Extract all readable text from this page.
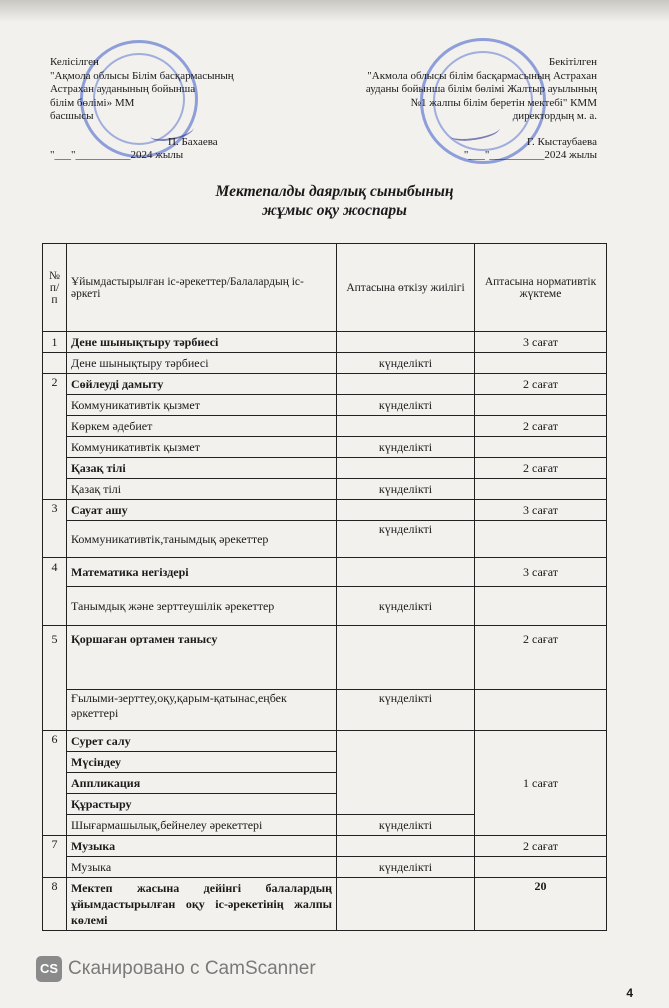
Келісілген
"Ақмола облысы Білім басқармасының
Астрахан ауданының бойынша
білім бөлімі» ММ
басшысы
П. Бахаева
"___"__________2024 жылы
Бекітілген
"Акмола облысы білім басқармасының Астрахан
ауданы бойынша білім бөлімі Жалтыр ауылының
№1 жалпы білім беретін мектебі" КММ
директордың м. а.
Г. Кыстаубаева
"___"__________2024 жылы
Мектепалды даярлық сыныбының
жұмыс оқу жоспары
№ п/п	Ұйымдастырылған іс-әрекеттер/Балалардың іс-әркеті	Аптасына өткізу жиілігі	Аптасына нормативтік жүктеме
1	Дене шынықтыру тәрбиесі		3 сағат
	Дене шынықтыру тәрбиесі	күнделікті	
2	Сөйлеуді дамыту		2 сағат
	Коммуникативтік қызмет	күнделікті	
	Көркем әдебиет		2 сағат
	Коммуникативтік қызмет	күнделікті	
	Қазақ тілі		2 сағат
	Қазақ тілі	күнделікті	
3	Сауат ашу		3 сағат
	Коммуникативтік,танымдық әрекеттер	күнделікті	
4	Математика негіздері		3 сағат
	Танымдық және зерттеушілік әрекеттер	күнделікті	
5	Қоршаған ортамен танысу		2 сағат
	Ғылыми-зерттеу,оқу,қарым-қатынас,еңбек әркеттері	күнделікті	
6	Сурет салу		1 сағат
	Мүсіндеу		
	Аппликация		
	Құрастыру		
	Шығармашылық,бейнелеу әрекеттері	күнделікті	
7	Музыка		2 сағат
	Музыка	күнделікті	
8	Мектеп жасына дейінгі балалардың ұйымдастырылған оқу іс-әрекетінің жалпы көлемі		20
CS Сканировано с CamScanner
4
